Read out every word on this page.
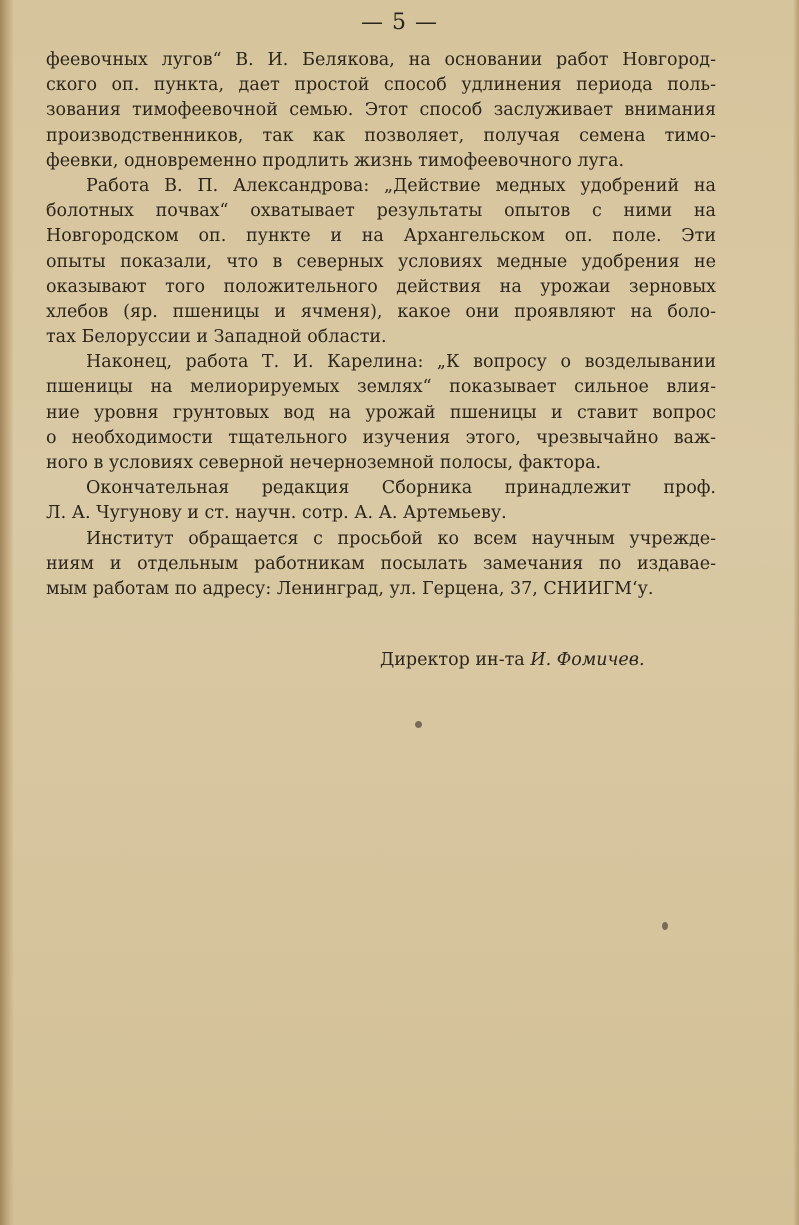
— 5 —
феевочных лугов“ В. И. Белякова, на основании работ Новгород-
ского оп. пункта, дает простой способ удлинения периода поль-
зования тимофеевочной семью. Этот способ заслуживает внимания
производственников, так как позволяет, получая семена тимо-
феевки, одновременно продлить жизнь тимофеевочного луга.
Работа В. П. Александрова: „Действие медных удобрений на
болотных почвах“ охватывает результаты опытов с ними на
Новгородском оп. пункте и на Архангельском оп. поле. Эти
опыты показали, что в северных условиях медные удобрения не
оказывают того положительного действия на урожаи зерновых
хлебов (яр. пшеницы и ячменя), какое они проявляют на боло-
тах Белоруссии и Западной области.
Наконец, работа Т. И. Карелина: „К вопросу о возделывании
пшеницы на мелиорируемых землях“ показывает сильное влия-
ние уровня грунтовых вод на урожай пшеницы и ставит вопрос
о необходимости тщательного изучения этого, чрезвычайно важ-
ного в условиях северной нечерноземной полосы, фактора.
Окончательная редакция Сборника принадлежит проф.
Л. А. Чугунову и ст. научн. сотр. А. А. Артемьеву.
Институт обращается с просьбой ко всем научным учрежде-
ниям и отдельным работникам посылать замечания по издавае-
мым работам по адресу: Ленинград, ул. Герцена, 37, СНИИГМ‘у.
Директор ин-та И. Фомичев.
